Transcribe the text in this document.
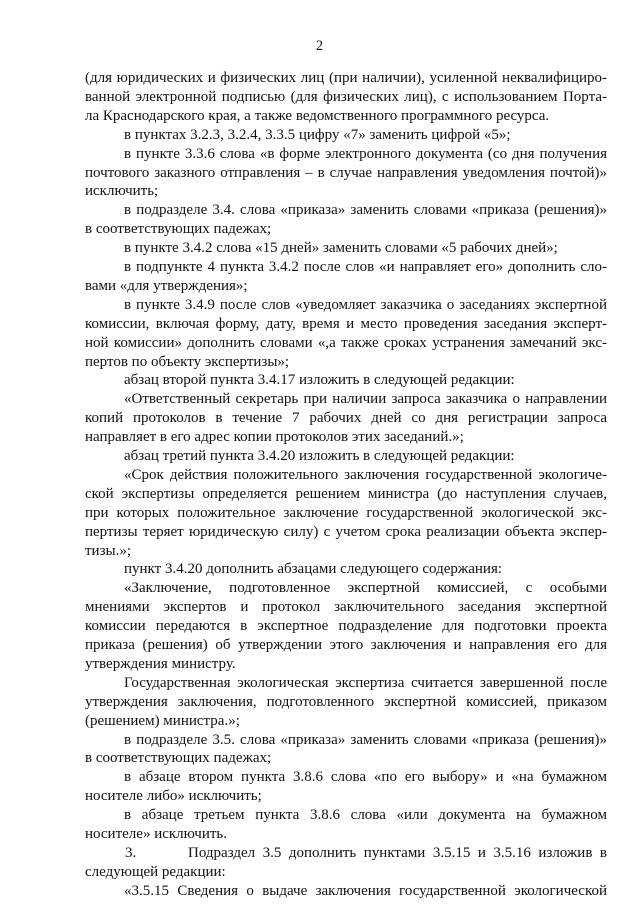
2
(для юридических и физических лиц (при наличии), усиленной неквалифициро-
ванной электронной подписью (для физических лиц), с использованием Порта-
ла Краснодарского края, а также ведомственного программного ресурса.
в пунктах 3.2.3, 3.2.4, 3.3.5 цифру «7» заменить цифрой «5»;
в пункте 3.3.6 слова «в форме электронного документа (со дня получения
почтового заказного отправления – в случае направления уведомления почтой)»
исключить;
в подразделе 3.4. слова «приказа» заменить словами «приказа (решения)»
в соответствующих падежах;
в пункте 3.4.2 слова «15 дней» заменить словами «5 рабочих дней»;
в подпункте 4 пункта 3.4.2 после слов «и направляет его» дополнить сло-
вами «для утверждения»;
в пункте 3.4.9 после слов «уведомляет заказчика о заседаниях экспертной
комиссии, включая форму, дату, время и место проведения заседания эксперт-
ной комиссии» дополнить словами «,а также сроках устранения замечаний экс-
пертов по объекту экспертизы»;
абзац второй пункта 3.4.17 изложить в следующей редакции:
«Ответственный секретарь при наличии запроса заказчика о направлении
копий протоколов в течение 7 рабочих дней со дня регистрации запроса
направляет в его адрес копии протоколов этих заседаний.»;
абзац третий пункта 3.4.20 изложить в следующей редакции:
«Срок действия положительного заключения государственной экологиче-
ской экспертизы определяется решением министра (до наступления случаев,
при которых положительное заключение государственной экологической экс-
пертизы теряет юридическую силу) с учетом срока реализации объекта экспер-
тизы.»;
пункт 3.4.20 дополнить абзацами следующего содержания:
«Заключение, подготовленное экспертной комиссией, с особыми
мнениями экспертов и протокол заключительного заседания экспертной
комиссии передаются в экспертное подразделение для подготовки проекта
приказа (решения) об утверждении этого заключения и направления его для
утверждения министру.
Государственная экологическая экспертиза считается завершенной после
утверждения заключения, подготовленного экспертной комиссией, приказом
(решением) министра.»;
в подразделе 3.5. слова «приказа» заменить словами «приказа (решения)»
в соответствующих падежах;
в абзаце втором пункта 3.8.6 слова «по его выбору» и «на бумажном
носителе либо» исключить;
в абзаце третьем пункта 3.8.6 слова «или документа на бумажном
носителе» исключить.
3.	Подраздел 3.5 дополнить пунктами 3.5.15 и 3.5.16 изложив в
следующей редакции:
«3.5.15 Сведения о выдаче заключения государственной экологической
